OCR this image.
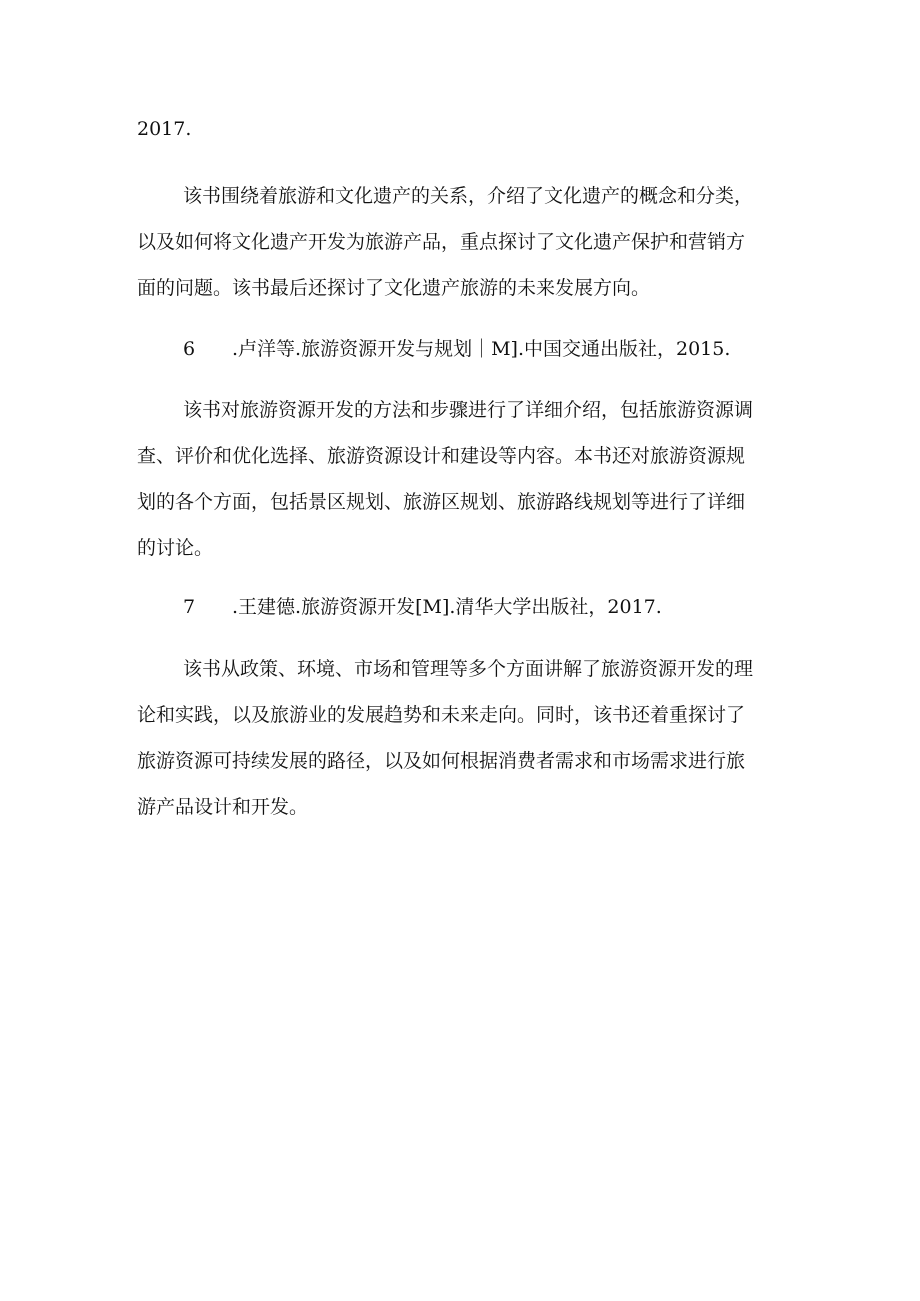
2017.
该书围绕着旅游和文化遗产的关系，介绍了文化遗产的概念和分类，
以及如何将文化遗产开发为旅游产品，重点探讨了文化遗产保护和营销方
面的问题。该书最后还探讨了文化遗产旅游的未来发展方向。
6 .卢洋等.旅游资源开发与规划｜M].中国交通出版社，2015.
该书对旅游资源开发的方法和步骤进行了详细介绍，包括旅游资源调
查、评价和优化选择、旅游资源设计和建设等内容。本书还对旅游资源规
划的各个方面，包括景区规划、旅游区规划、旅游路线规划等进行了详细
的讨论。
7 .王建德.旅游资源开发[M].清华大学出版社，2017.
该书从政策、环境、市场和管理等多个方面讲解了旅游资源开发的理
论和实践，以及旅游业的发展趋势和未来走向。同时，该书还着重探讨了
旅游资源可持续发展的路径，以及如何根据消费者需求和市场需求进行旅
游产品设计和开发。
